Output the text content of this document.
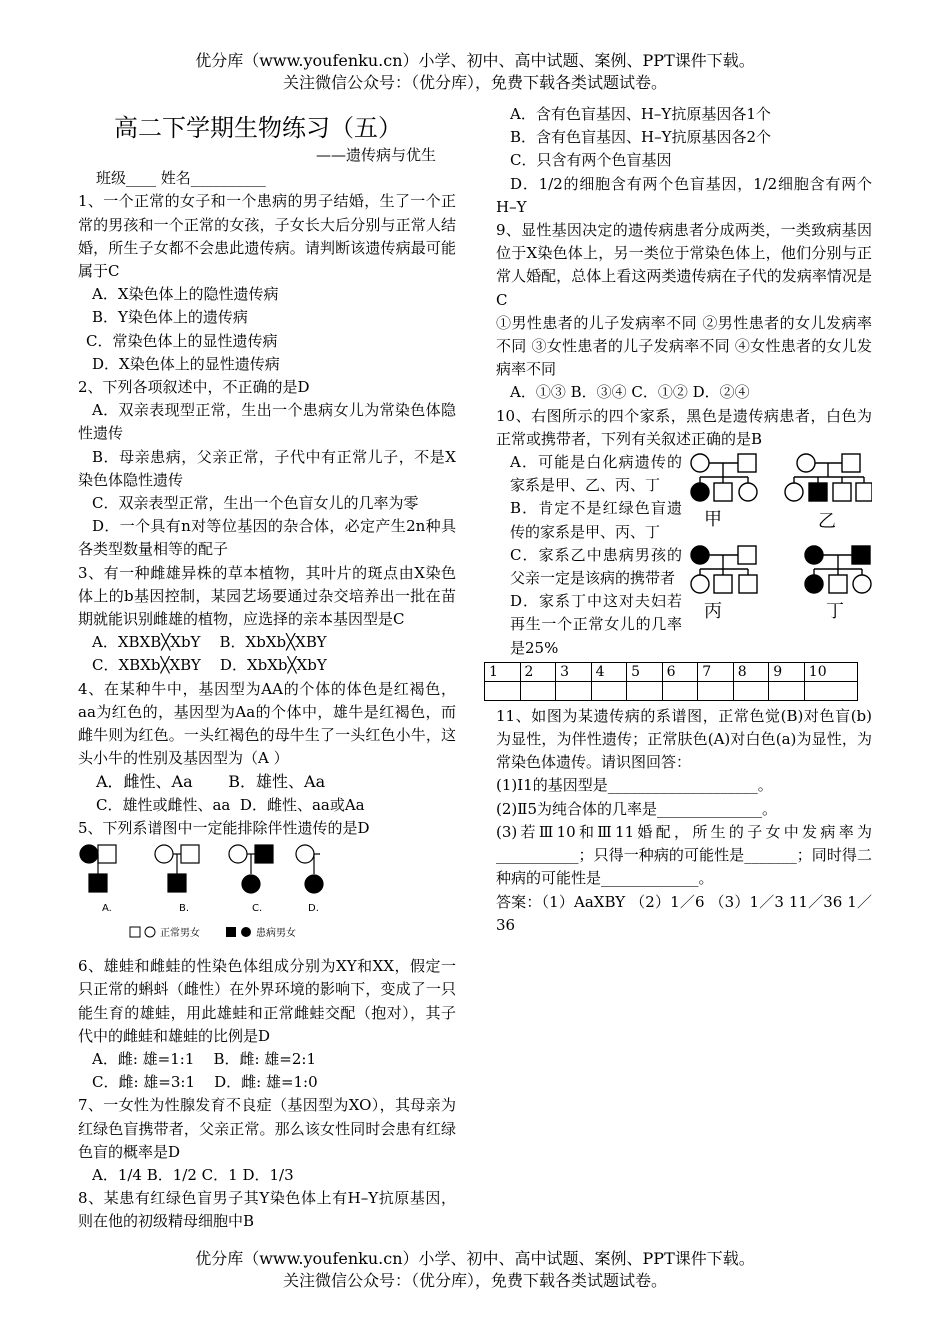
优分库（www.youfenku.cn）小学、初中、高中试题、案例、PPT课件下载。
关注微信公众号：（优分库），免费下载各类试题试卷。

高二下学期生物练习（五）

——遗传病与优生

班级____ 姓名__________

1、一个正常的女子和一个患病的男子结婚，生了一个正常的男孩和一个正常的女孩，子女长大后分别与正常人结婚，所生子女都不会患此遗传病。请判断该遗传病最可能属于C

A．X染色体上的隐性遗传病

B．Y染色体上的遗传病

C．常染色体上的显性遗传病

D．X染色体上的显性遗传病

2、下列各项叙述中，不正确的是D

A．双亲表现型正常，生出一个患病女儿为常染色体隐性遗传

B．母亲患病，父亲正常，子代中有正常儿子，不是X染色体隐性遗传

C．双亲表型正常，生出一个色盲女儿的几率为零

D．一个具有n对等位基因的杂合体，必定产生2n种具各类型数量相等的配子

3、有一种雌雄异株的草本植物，其叶片的斑点由X染色体上的b基因控制，某园艺场要通过杂交培养出一批在苗期就能识别雌雄的植物，应选择的亲本基因型是C

A．XBXB╳XbY B．XbXb╳XBY

C．XBXb╳XBY D．XbXb╳XbY

4、在某种牛中，基因型为AA的个体的体色是红褐色，aa为红色的，基因型为Aa的个体中，雄牛是红褐色，而雌牛则为红色。一头红褐色的母牛生了一头红色小牛，这头小牛的性别及基因型为（A ）

A．雌性、Aa B．雄性、Aa

C．雄性或雌性、aa D．雌性、aa或Aa

5、下列系谱图中一定能排除伴性遗传的是D

A.	B.	C.	D.
正常男女	患病男女

6、雄蛙和雌蛙的性染色体组成分别为XY和XX，假定一只正常的蝌蚪（雌性）在外界环境的影响下，变成了一只能生育的雄蛙，用此雄蛙和正常雌蛙交配（抱对），其子代中的雌蛙和雄蛙的比例是D

A．雌: 雄=1:1 B．雌: 雄=2:1

C．雌: 雄=3:1 D．雌: 雄=1:0

7、一女性为性腺发育不良症（基因型为XO），其母亲为红绿色盲携带者，父亲正常。那么该女性同时会患有红绿色盲的概率是D

A．1/4 B．1/2 C．1 D．1/3

8、某患有红绿色盲男子其Y染色体上有H–Y抗原基因，则在他的初级精母细胞中B

A．含有色盲基因、H–Y抗原基因各1个

B．含有色盲基因、H–Y抗原基因各2个

C．只含有两个色盲基因

D．1/2的细胞含有两个色盲基因，1/2细胞含有两个H–Y

9、显性基因决定的遗传病患者分成两类，一类致病基因位于X染色体上，另一类位于常染色体上，他们分别与正常人婚配，总体上看这两类遗传病在子代的发病率情况是C

①男性患者的儿子发病率不同 ②男性患者的女儿发病率不同 ③女性患者的儿子发病率不同 ④女性患者的女儿发病率不同

A．①③ B．③④ C．①② D．②④

10、右图所示的四个家系，黑色是遗传病患者，白色为正常或携带者，下列有关叙述正确的是B

甲	乙
丙	丁

A．可能是白化病遗传的家系是甲、乙、丙、丁

B．肯定不是红绿色盲遗传的家系是甲、丙、丁

C．家系乙中患病男孩的父亲一定是该病的携带者

D．家系丁中这对夫妇若再生一个正常女儿的几率是25%

1	2	3	4	5	6	7	8	9	10

11、如图为某遗传病的系谱图，正常色觉(B)对色盲(b)为显性，为伴性遗传；正常肤色(A)对白色(a)为显性，为常染色体遗传。请识图回答：

(1)Ⅰ1的基因型是____________________。

(2)Ⅱ5为纯合体的几率是______________。

(3)若Ⅲ10和Ⅲ11婚配，所生的子女中发病率为___________；只得一种病的可能性是_______；同时得二种病的可能性是_____________。

答案：（1）AaXBY （2）1／6 （3）1／3 11／36 1／36

优分库（www.youfenku.cn）小学、初中、高中试题、案例、PPT课件下载。
关注微信公众号：（优分库），免费下载各类试题试卷。
